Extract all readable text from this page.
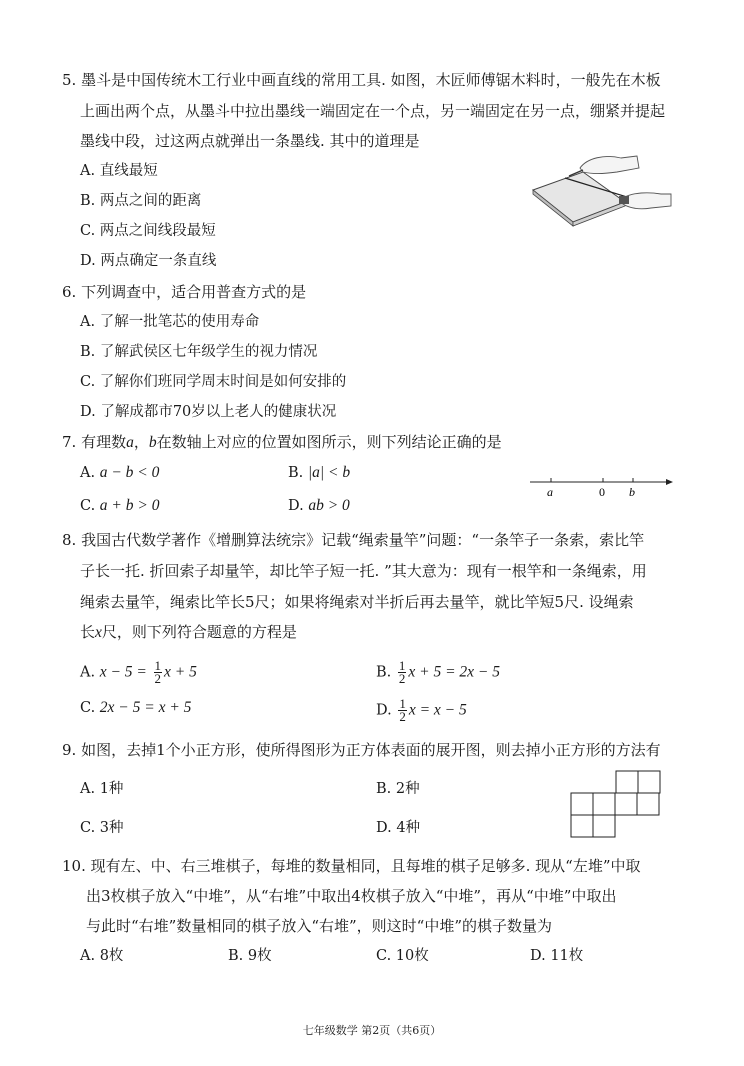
5. 墨斗是中国传统木工行业中画直线的常用工具. 如图，木匠师傅锯木料时，一般先在木板
上画出两个点，从墨斗中拉出墨线一端固定在一个点，另一端固定在另一点，绷紧并提起
墨线中段，过这两点就弹出一条墨线. 其中的道理是
A. 直线最短
B. 两点之间的距离
C. 两点之间线段最短
D. 两点确定一条直线
6. 下列调查中，适合用普查方式的是
A. 了解一批笔芯的使用寿命
B. 了解武侯区七年级学生的视力情况
C. 了解你们班同学周末时间是如何安排的
D. 了解成都市70岁以上老人的健康状况
7. 有理数a，b在数轴上对应的位置如图所示，则下列结论正确的是
A. a − b < 0	B. |a| < b
C. a + b > 0	D. ab > 0
a	0 b
8. 我国古代数学著作《增删算法统宗》记载“绳索量竿”问题：“一条竿子一条索，索比竿
子长一托. 折回索子却量竿，却比竿子短一托. ”其大意为：现有一根竿和一条绳索，用
绳索去量竿，绳索比竿长5尺；如果将绳索对半折后再去量竿，就比竿短5尺. 设绳索
长x尺，则下列符合题意的方程是
A. $x - 5 = \frac{1}{2}$ x + 5	B. $\frac{1}{2}$ x + 5 = 2x − 5
C. 2x − 5 = x + 5	D. $\frac{1}{2}$ x = x − 5
9. 如图，去掉1个小正方形，使所得图形为正方体表面的展开图，则去掉小正方形的方法有
A. 1种	B. 2种
C. 3种	D. 4种
10. 现有左、中、右三堆棋子，每堆的数量相同，且每堆的棋子足够多. 现从“左堆”中取
出3枚棋子放入“中堆”，从“右堆”中取出4枚棋子放入“中堆”，再从“中堆”中取出
与此时“右堆”数量相同的棋子放入“右堆”，则这时“中堆”的棋子数量为
A. 8枚	B. 9枚	C. 10枚	D. 11枚
七年级数学 第2页（共6页）
